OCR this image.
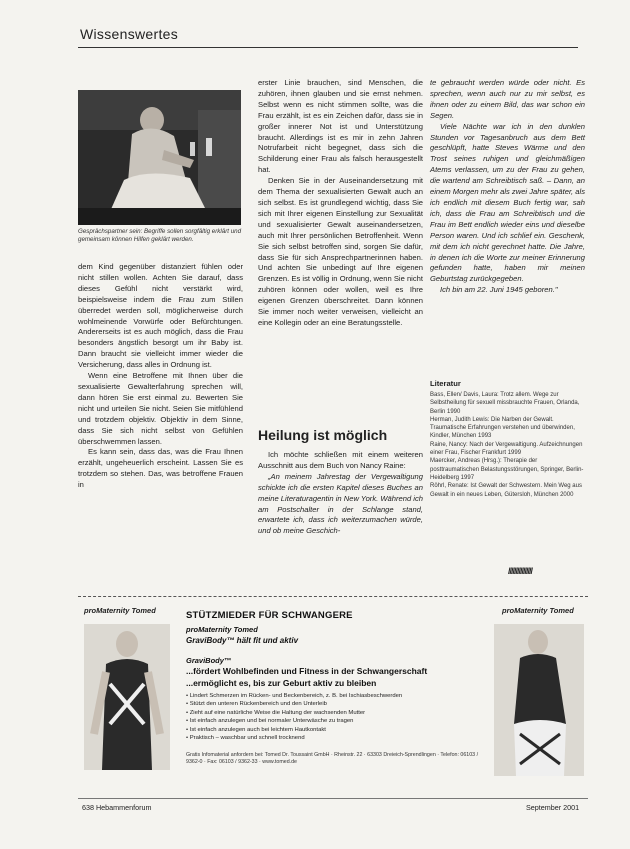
Wissenswertes
Gesprächspartner sein: Begriffe sollen sorgfältig erklärt und gemeinsam können Hilfen geklärt werden.

dem Kind gegenüber distanziert fühlen oder nicht stillen wollen. Achten Sie darauf, dass dieses Gefühl nicht verstärkt wird, beispielsweise indem die Frau zum Stillen überredet werden soll, möglicherweise durch wohlmeinende Vorwürfe oder Befürchtungen. Andererseits ist es auch möglich, dass die Frau besonders ängstlich besorgt um ihr Baby ist. Dann braucht sie vielleicht immer wieder die Versicherung, dass alles in Ordnung ist.

Wenn eine Betroffene mit Ihnen über die sexualisierte Gewalterfahrung sprechen will, dann hören Sie erst einmal zu. Bewerten Sie nicht und urteilen Sie nicht. Seien Sie mitfühlend und trotzdem objektiv. Objektiv in dem Sinne, dass Sie sich nicht selbst von Gefühlen überschwemmen lassen.

Es kann sein, dass das, was die Frau Ihnen erzählt, ungeheuerlich erscheint. Lassen Sie es trotzdem so stehen. Das, was betroffene Frauen in

erster Linie brauchen, sind Menschen, die zuhören, ihnen glauben und sie ernst nehmen. Selbst wenn es nicht stimmen sollte, was die Frau erzählt, ist es ein Zeichen dafür, dass sie in großer innerer Not ist und Unterstützung braucht. Allerdings ist es mir in zehn Jahren Notrufarbeit nicht begegnet, dass sich die Schilderung einer Frau als falsch herausgestellt hat.

Denken Sie in der Auseinandersetzung mit dem Thema der sexualisierten Gewalt auch an sich selbst. Es ist grundlegend wichtig, dass Sie sich mit Ihrer eigenen Einstellung zur Sexualität und sexualisierter Gewalt auseinandersetzen, auch mit Ihrer persönlichen Betroffenheit. Wenn Sie sich selbst betroffen sind, sorgen Sie dafür, dass Sie für sich Ansprechpartnerinnen haben. Und achten Sie unbedingt auf Ihre eigenen Grenzen. Es ist völlig in Ordnung, wenn Sie nicht zuhören können oder wollen, weil es Ihre eigenen Grenzen überschreitet. Dann können Sie immer noch weiter verweisen, vielleicht an eine Kollegin oder an eine Beratungsstelle.

Heilung ist möglich

Ich möchte schließen mit einem weiteren Ausschnitt aus dem Buch von Nancy Raine:

„An meinem Jahrestag der Vergewaltigung schickte ich die ersten Kapitel dieses Buches an meine Literaturagentin in New York. Während ich am Postschalter in der Schlange stand, erwartete ich, dass ich weiterzumachen würde, und ob meine Geschich-

te gebraucht werden würde oder nicht. Es sprechen, wenn auch nur zu mir selbst, es ihnen oder zu einem Bild, das war schon ein Segen.

Viele Nächte war ich in den dunklen Stunden vor Tagesanbruch aus dem Bett geschlüpft, hatte Steves Wärme und den Trost seines ruhigen und gleichmäßigen Atems verlassen, um zu der Frau zu gehen, die wartend am Schreibtisch saß. – Dann, an einem Morgen mehr als zwei Jahre später, als ich endlich mit diesem Buch fertig war, sah ich, dass die Frau am Schreibtisch und die Frau im Bett endlich wieder eins und dieselbe Person waren. Und ich schlief ein. Geschenk, mit dem ich nicht gerechnet hatte. Die Jahre, in denen ich die Worte zur meiner Erinnerung gefunden hatte, haben mir meinen Geburtstag zurückgegeben.

Ich bin am 22. Juni 1945 geboren."

Literatur
Bass, Ellen/ Davis, Laura: Trotz allem. Wege zur Selbstheilung für sexuell missbrauchte Frauen, Orlanda, Berlin 1990
Herman, Judith Lewis: Die Narben der Gewalt. Traumatische Erfahrungen verstehen und überwinden, Kindler, München 1993
Raine, Nancy: Nach der Vergewaltigung. Aufzeichnungen einer Frau, Fischer Frankfurt 1999
Maercker, Andreas (Hrsg.): Therapie der posttraumatischen Belastungsstörungen, Springer, Berlin-Heidelberg 1997
Röhrl, Renate: Ist Gewalt der Schwestern. Mein Weg aus Gewalt in ein neues Leben, Gütersloh, München 2000
////////////////
proMaternity Tomed	proMaternity Tomed
STÜTZMIEDER FÜR SCHWANGERE
proMaternity Tomed
GraviBody™ hält fit und aktiv
GraviBody™
...fördert Wohlbefinden und Fitness in der Schwangerschaft
...ermöglicht es, bis zur Geburt aktiv zu bleiben
• Lindert Schmerzen im Rücken- und Beckenbereich, z. B. bei Ischiasbeschwerden
• Stützt den unteren Rückenbereich und den Unterleib
• Zieht auf eine natürliche Weise die Haltung der wachsenden Mutter
• Ist einfach anzulegen und bei normaler Unterwäsche zu tragen
• Ist einfach anzulegen auch bei leichtem Hautkontakt
• Praktisch – waschbar und schnell trocknend
Gratis Infomaterial anfordern bei: Tomed Dr. Toussaint GmbH · Rheinstr. 22 · 63303 Dreieich-Sprendlingen · Telefon: 06103 / 9362-0 · Fax: 06103 / 9362-33 · www.tomed.de
638 Hebammenforum	September 2001
